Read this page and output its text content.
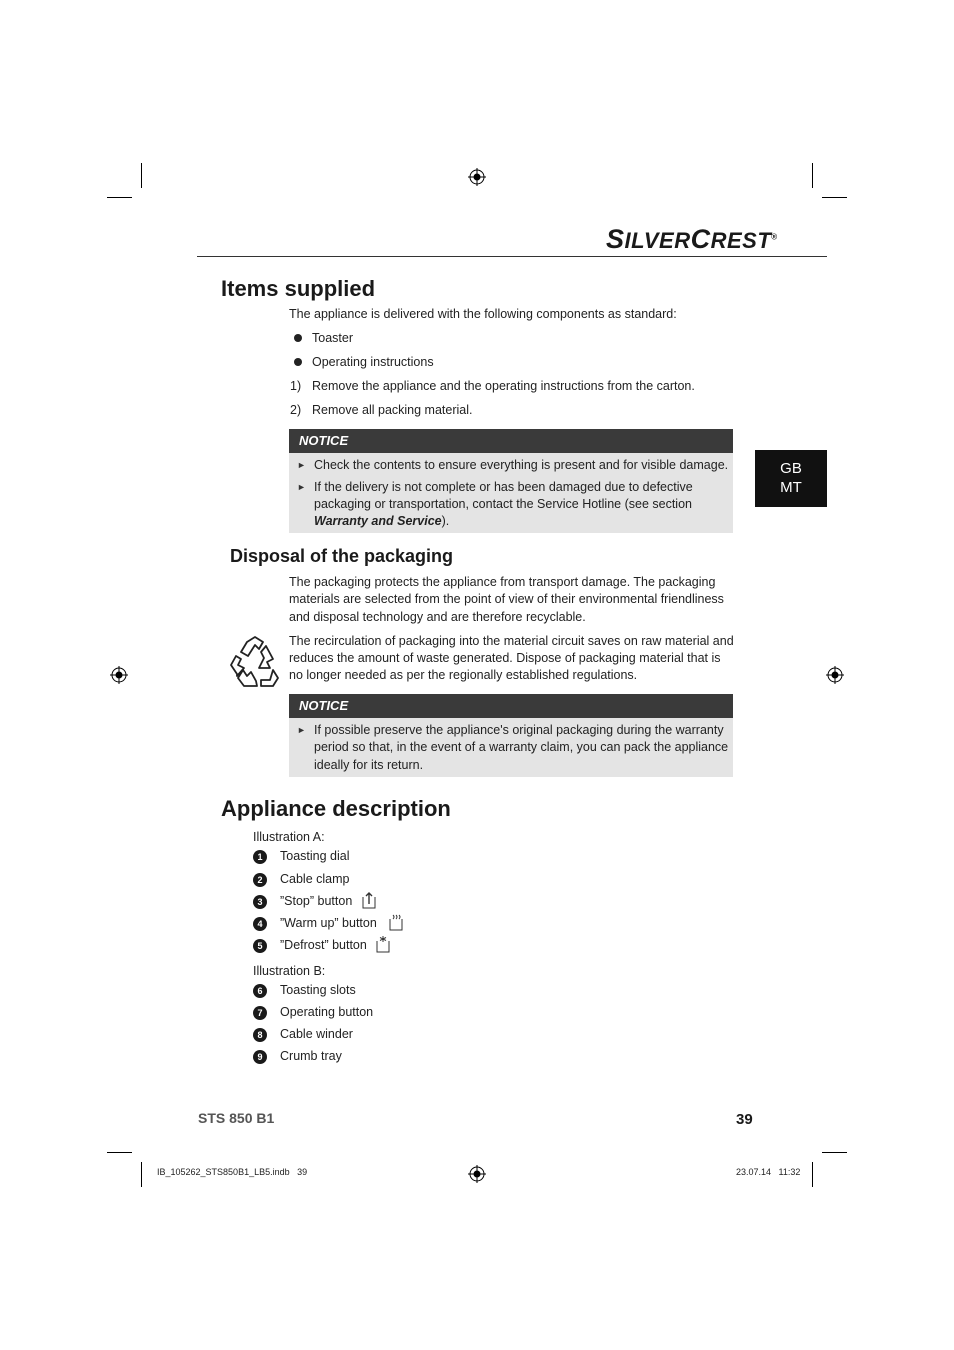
SILVERCREST®
GB
MT
Items supplied

The appliance is delivered with the following components as standard:

Toaster
Operating instructions
1) Remove the appliance and the operating instructions from the carton.
2) Remove all packing material.
NOTICE
► Check the contents to ensure everything is present and for visible damage.
► If the delivery is not complete or has been damaged due to defective
packaging or transportation, contact the Service Hotline (see section
Warranty and Service).
Disposal of the packaging

The packaging protects the appliance from transport damage. The packaging

materials are selected from the point of view of their environmental friendliness

and disposal technology and are therefore recyclable.

The recirculation of packaging into the material circuit saves on raw material and

reduces the amount of waste generated. Dispose of packaging material that is

no longer needed as per the regionally established regulations.

NOTICE
► If possible preserve the appliance's original packaging during the warranty
period so that, in the event of a warranty claim, you can pack the appliance
ideally for its return.
Appliance description
Illustration A:
1	Toasting dial
2	Cable clamp
3	”Stop” button
4	”Warm up” button
5	”Defrost” button
Illustration B:
6	Toasting slots
7	Operating button
8	Cable winder
9	Crumb tray
STS 850 B1	39
IB_105262_STS850B1_LB5.indb   39	23.07.14   11:32
